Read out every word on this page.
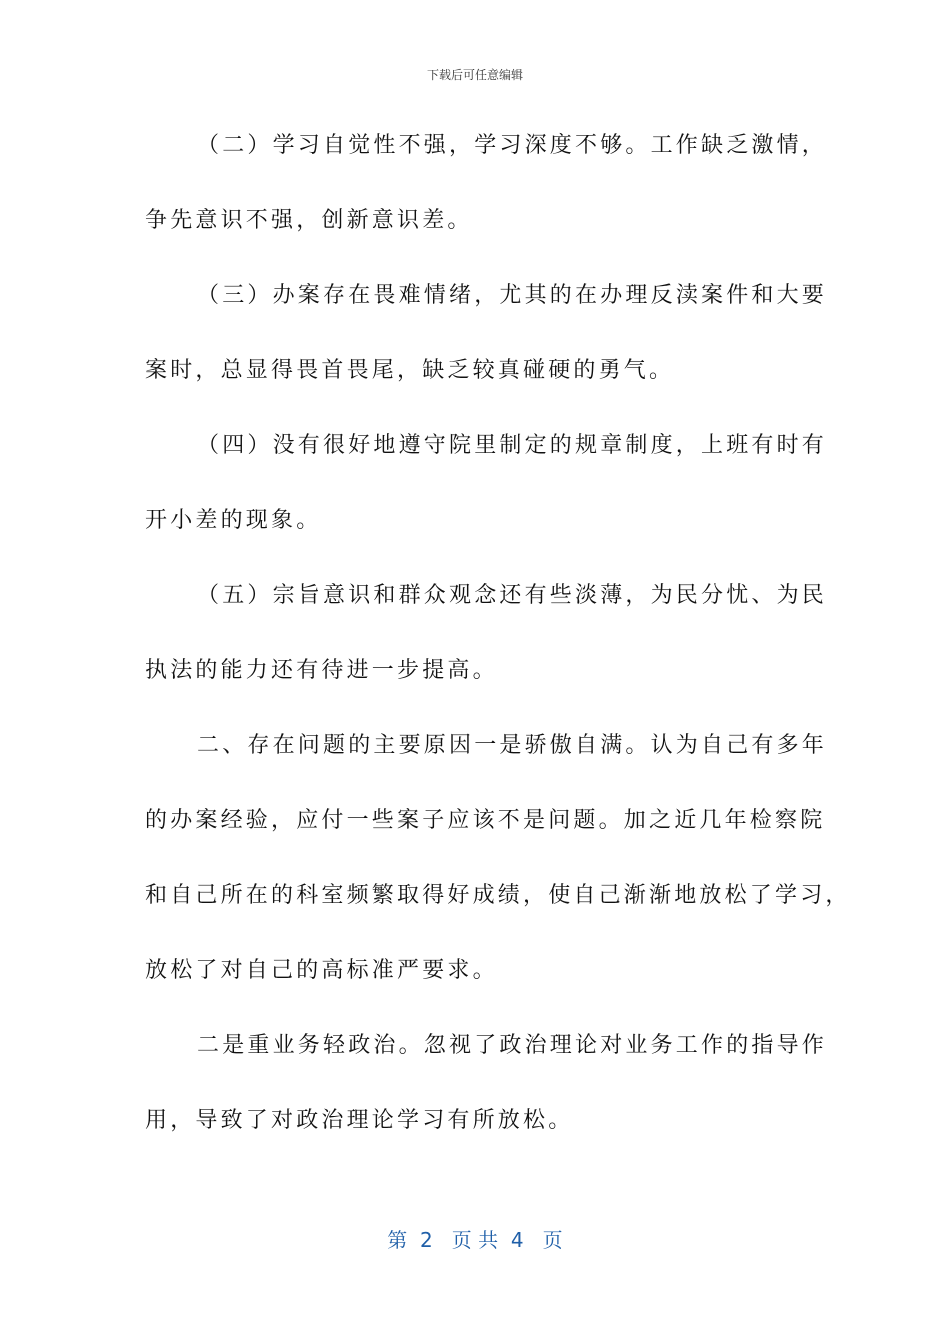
下载后可任意编辑
（二）学习自觉性不强，学习深度不够。工作缺乏激情，
争先意识不强，创新意识差。
（三）办案存在畏难情绪，尤其的在办理反渎案件和大要
案时，总显得畏首畏尾，缺乏较真碰硬的勇气。
（四）没有很好地遵守院里制定的规章制度，上班有时有
开小差的现象。
（五）宗旨意识和群众观念还有些淡薄，为民分忧、为民
执法的能力还有待进一步提高。
二、存在问题的主要原因一是骄傲自满。认为自己有多年
的办案经验，应付一些案子应该不是问题。加之近几年检察院
和自己所在的科室频繁取得好成绩，使自己渐渐地放松了学习，
放松了对自己的高标准严要求。
二是重业务轻政治。忽视了政治理论对业务工作的指导作
用，导致了对政治理论学习有所放松。
第  2   页 共  4   页
